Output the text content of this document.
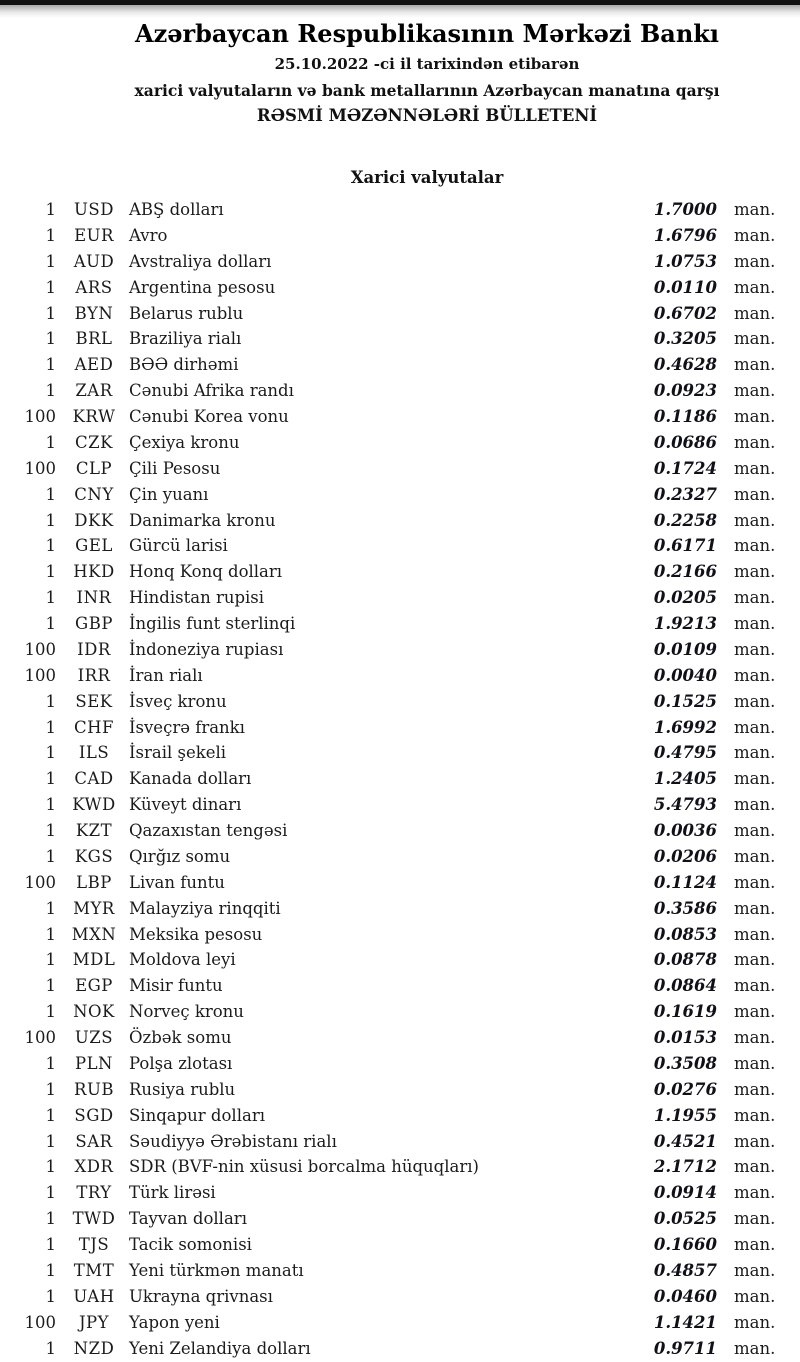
Azərbaycan Respublikasının Mərkəzi Bankı
25.10.2022 -ci il tarixindən etibarən
xarici valyutaların və bank metallarının Azərbaycan manatına qarşı
RƏSMİ MƏZƏNNƏLƏRİ BÜLLETENİ
Xarici valyutalar
1	USD ABŞ dolları	1.7000 man.
1	EUR Avro	1.6796 man.
1	AUD Avstraliya dolları	1.0753 man.
1	ARS Argentina pesosu	0.0110 man.
1	BYN Belarus rublu	0.6702 man.
1	BRL	Braziliya rialı	0.3205 man.
1	AED BƏƏ dirhəmi	0.4628 man.
1	ZAR Cənubi Afrika randı	0.0923 man.
100	KRW Cənubi Korea vonu	0.1186 man.
1	CZK Çexiya kronu	0.0686 man.
100	CLP	Çili Pesosu	0.1724 man.
1	CNY Çin yuanı	0.2327 man.
1	DKK Danimarka kronu	0.2258 man.
1	GEL Gürcü larisi	0.6171 man.
1	HKD Honq Konq dolları	0.2166 man.
1	INR	Hindistan rupisi	0.0205 man.
1	GBP İngilis funt sterlinqi	1.9213 man.
100	IDR	İndoneziya rupiası	0.0109 man.
100	IRR	İran rialı	0.0040 man.
1	SEK İsveç kronu	0.1525 man.
1	CHF İsveçrə frankı	1.6992 man.
1	ILS	İsrail şekeli	0.4795 man.
1	CAD Kanada dolları	1.2405 man.
1 KWD Küveyt dinarı	5.4793 man.
1	KZT	Qazaxıstan tengəsi	0.0036 man.
1	KGS Qırğız somu	0.0206 man.
100	LBP	Livan funtu	0.1124 man.
1	MYR Malayziya rinqqiti	0.3586 man.
1 MXN Meksika pesosu	0.0853 man.
1	MDL Moldova leyi	0.0878 man.
1	EGP Misir funtu	0.0864 man.
1	NOK Norveç kronu	0.1619 man.
100	UZS Özbək somu	0.0153 man.
1	PLN Polşa zlotası	0.3508 man.
1	RUB Rusiya rublu	0.0276 man.
1	SGD Sinqapur dolları	1.1955 man.
1	SAR Səudiyyə Ərəbistanı rialı	0.4521 man.
1	XDR SDR (BVF-nin xüsusi borcalma hüquqları)	2.1712 man.
1	TRY	Türk lirəsi	0.0914 man.
1	TWD Tayvan dolları	0.0525 man.
1	TJS	Tacik somonisi	0.1660 man.
1	TMT Yeni türkmən manatı	0.4857 man.
1	UAH Ukrayna qrivnası	0.0460 man.
100	JPY	Yapon yeni	1.1421 man.
1	NZD Yeni Zelandiya dolları	0.9711 man.
